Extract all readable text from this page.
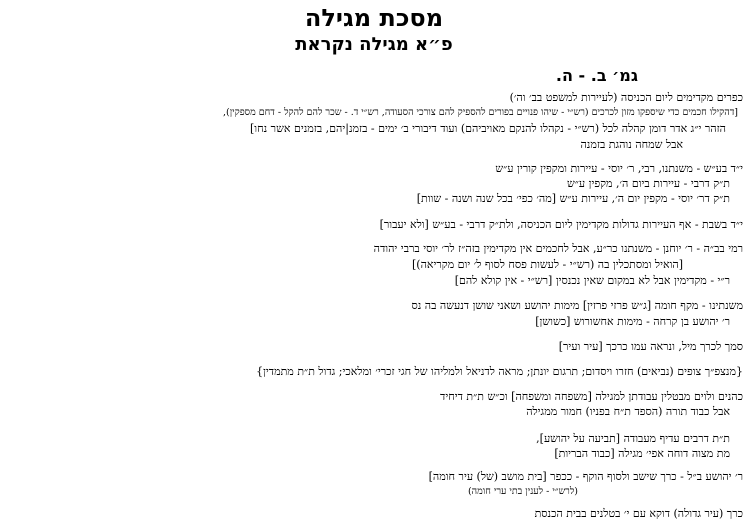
מסכת מגילה
פ״א מגילה נקראת
גמ׳ ב. - ה.
כפרים מקדימים ליום הכניסה (לעיירות למשפט בב׳ וה׳)
[דהקילו חכמים כדי שיספקו מזון לכרכים (רש״י - שיהו פנויים בפורים להספיק להם צורכי הסעודה, רש״י ד. - שכר להם להקל - דחם מספקין),
הזהר י״ג אדר דומן קהלה לכל (רש״י - נקהלו להנקם מאויביהם) ועוד דיבורי ב׳ ימים - בזמנ|יהם, בזמנים אשר נחו]
אבל שמחה נוהגת בזמנה
י״ד בע״ש - משנתנו, רבי, ר׳ יוסי - עיירות ומקפין קורין ע״ש
ת״ק דרבי - עיירות ביום ה׳, מקפין ע״ש
ת״ק דר׳ יוסי - מקפין יום ה׳, עיירות ע״ש [מה׳ כפי׳ בכל שנה ושנה - שוות]
י״ד בשבת - אף העיירות גדולות מקדימין ליום הכניסה, ולת״ק דרבי - בע״ש [ולא יעבור]
רמי בב״ה - ר׳ יוחנן - משנתנו כר״ע, אבל לחכמים אין מקדימין בזה״ז לר׳ יוסי ברבי יהודה
[הואיל ומסתכלין בה (רש״י - לעשות פסח לסוף ל׳ יום מקריאה)]
ר״י - מקדימין אבל לא במקום שאין נכנסין [רש״י - אין קולא להם]
משנתינו - מקף חומה [ג״ש פרזי פרזין] מימות יהושע ושאני שושן דנעשה בה נס
ר׳ יהושע בן קרחה - מימות אחשורוש [כשושן]
סמך לכרך מיל, ונראה עמו כרכך [עיר ועיר]
{מנצפ״ך צופים (נביאים) חזרו ויסדום; תרגום יונתן; מראה לדניאל ולמליהו של חגי זכרי׳ ומלאכי; גדול ת״ת מתמדין}
כהנים ולוים מבטלין עבודתן למגילה [משפחה ומשפחה] וכ״ש ת״ת דיחיד
אבל כבוד תורה (הספד ת״ח בפניו) חמור ממגילה
ת״ת דרבים עדיף מעבודה [תביעה על יהושע],
מת מצוה דוחה אפי׳ מגילה [כבוד הבריות]
ר׳ יהושע ב״ל - כרך שישב ולסוף הוקף - ככפר [בית מושב (של) עיר חומה]
(לרש״י - לענין בתי ערי חומה)
כרך (עיר גדולה) דוקא עם י׳ בטלנים בבית הכנסת
